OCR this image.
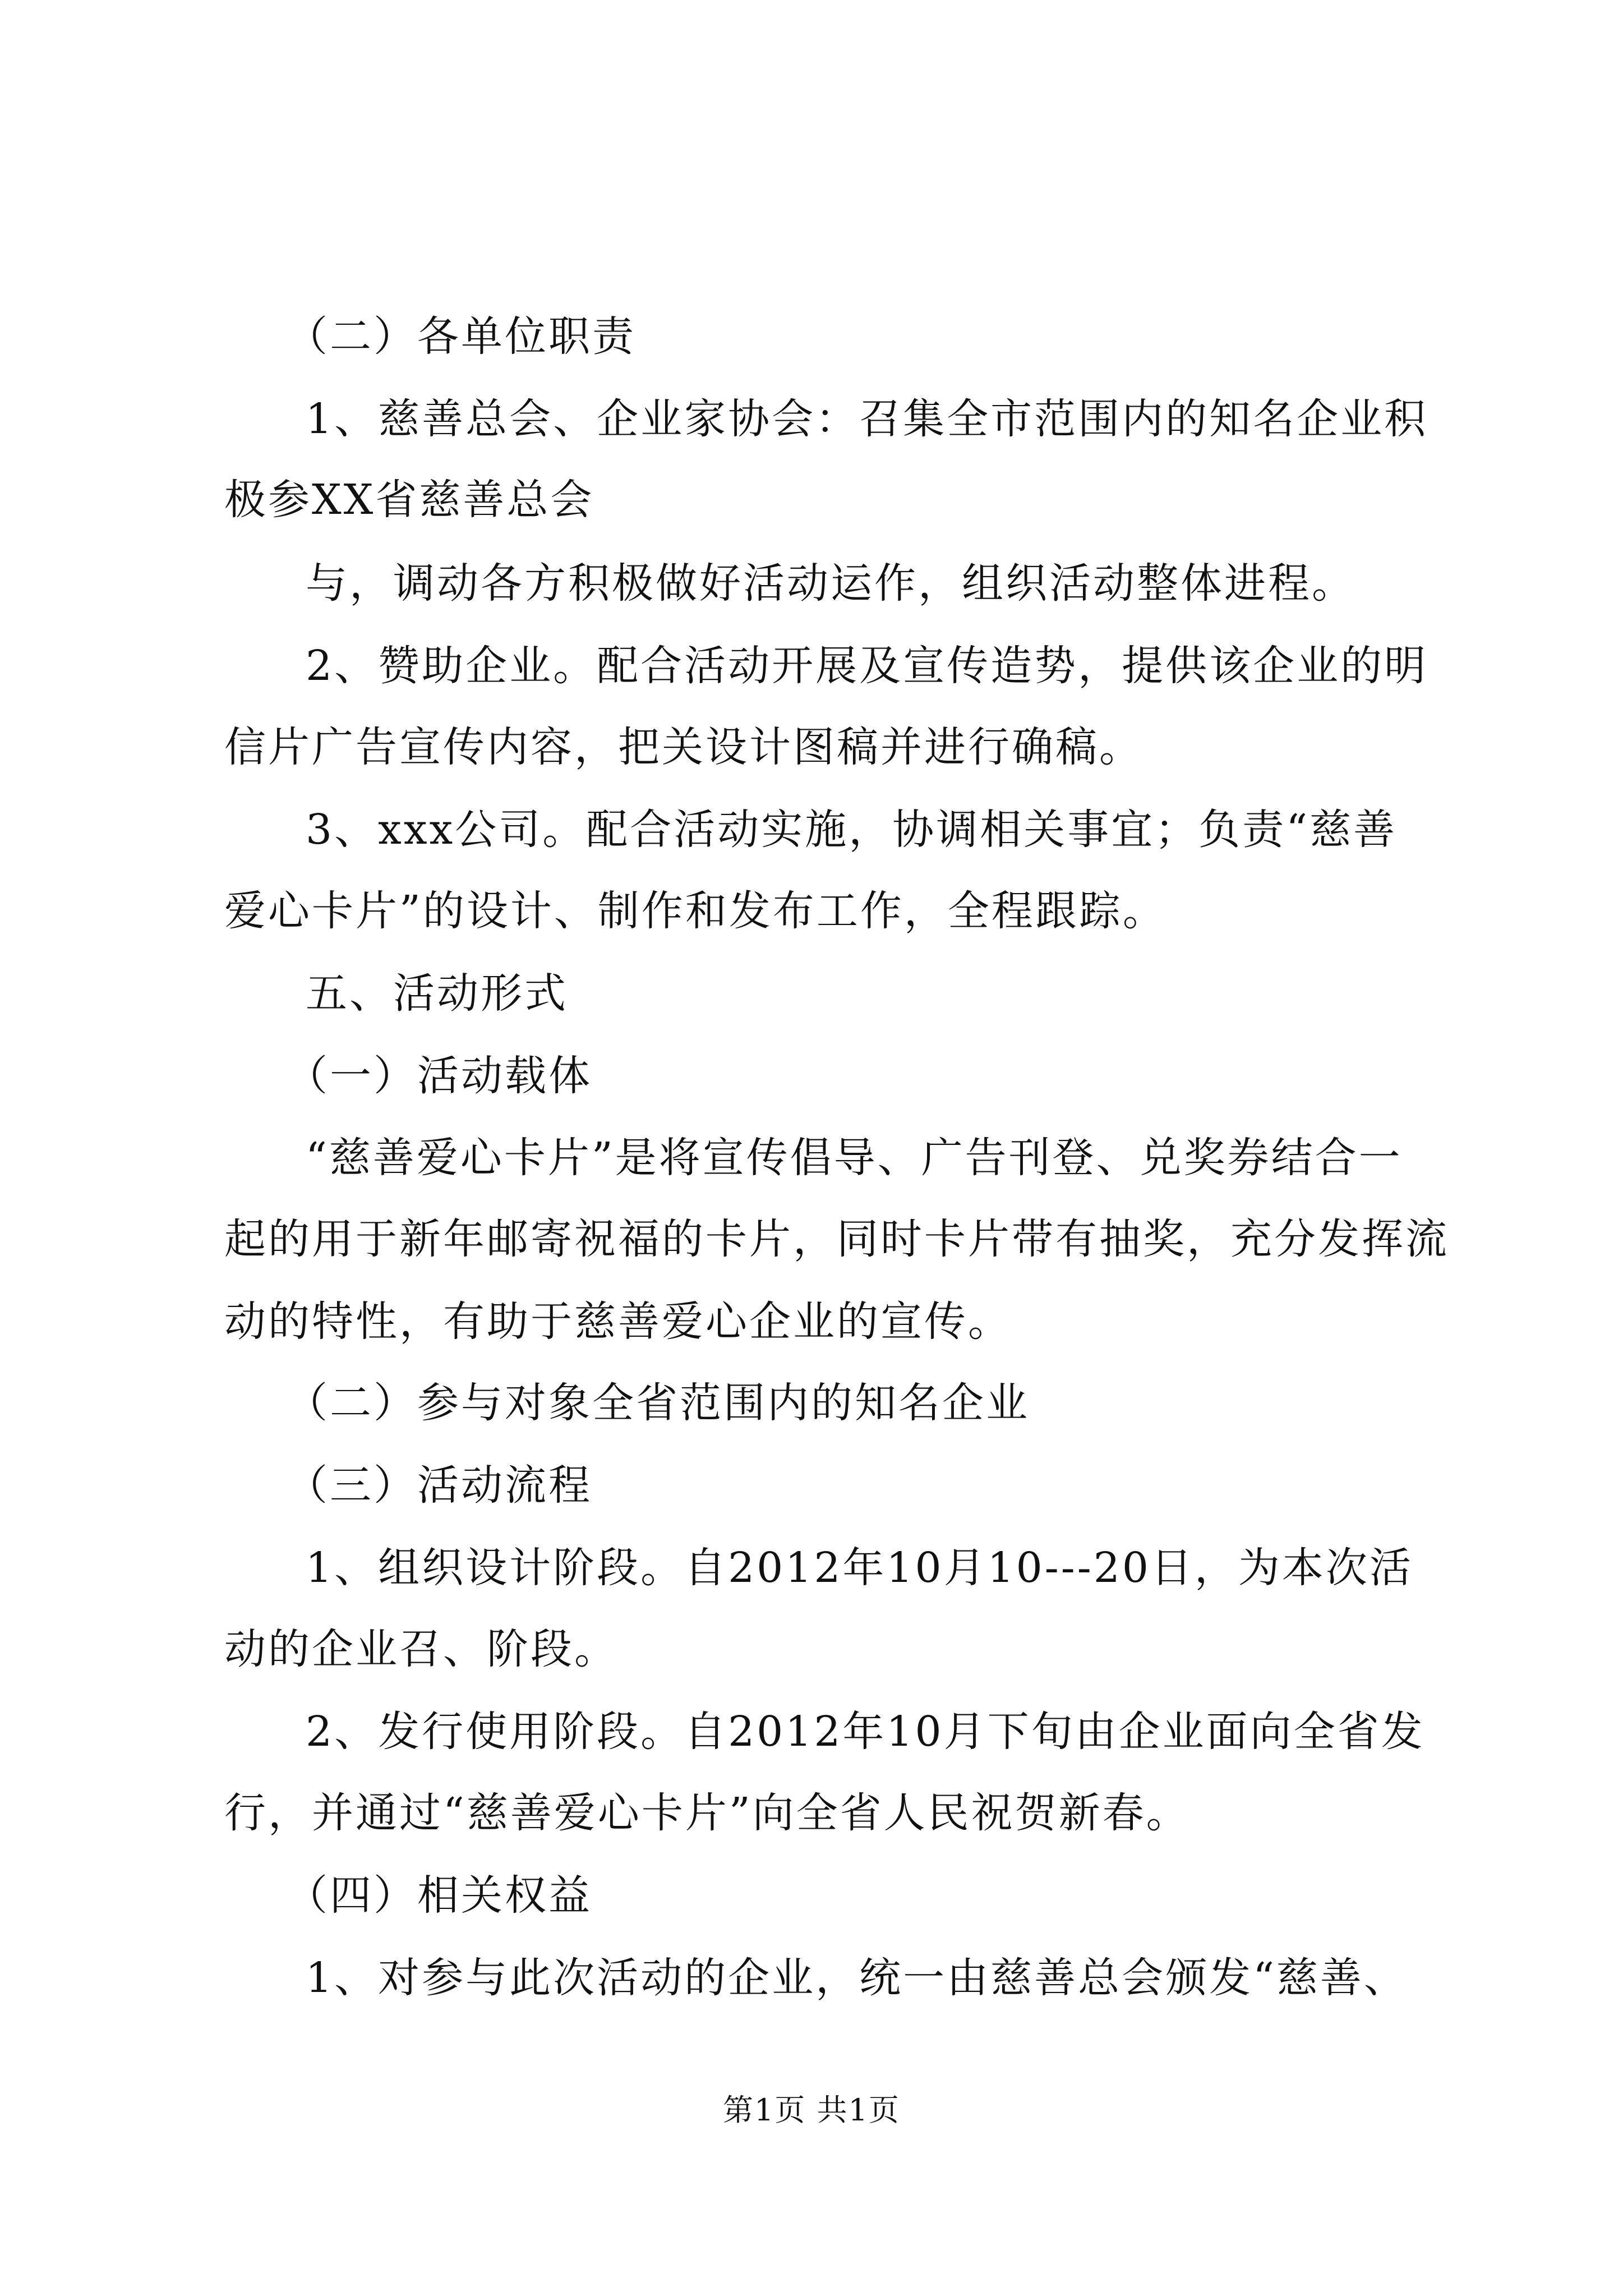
（二）各单位职责
1、慈善总会、企业家协会：召集全市范围内的知名企业积
极参XX省慈善总会
与，调动各方积极做好活动运作，组织活动整体进程。
2、赞助企业。配合活动开展及宣传造势，提供该企业的明
信片广告宣传内容，把关设计图稿并进行确稿。
3、xxx公司。配合活动实施，协调相关事宜；负责“慈善
爱心卡片”的设计、制作和发布工作，全程跟踪。
五、活动形式
（一）活动载体
“慈善爱心卡片”是将宣传倡导、广告刊登、兑奖券结合一
起的用于新年邮寄祝福的卡片，同时卡片带有抽奖，充分发挥流
动的特性，有助于慈善爱心企业的宣传。
（二）参与对象全省范围内的知名企业
（三）活动流程
1、组织设计阶段。自2012年10月10---20日，为本次活
动的企业召、阶段。
2、发行使用阶段。自2012年10月下旬由企业面向全省发
行，并通过“慈善爱心卡片”向全省人民祝贺新春。
（四）相关权益
1、对参与此次活动的企业，统一由慈善总会颁发“慈善、
第1页 共1页
